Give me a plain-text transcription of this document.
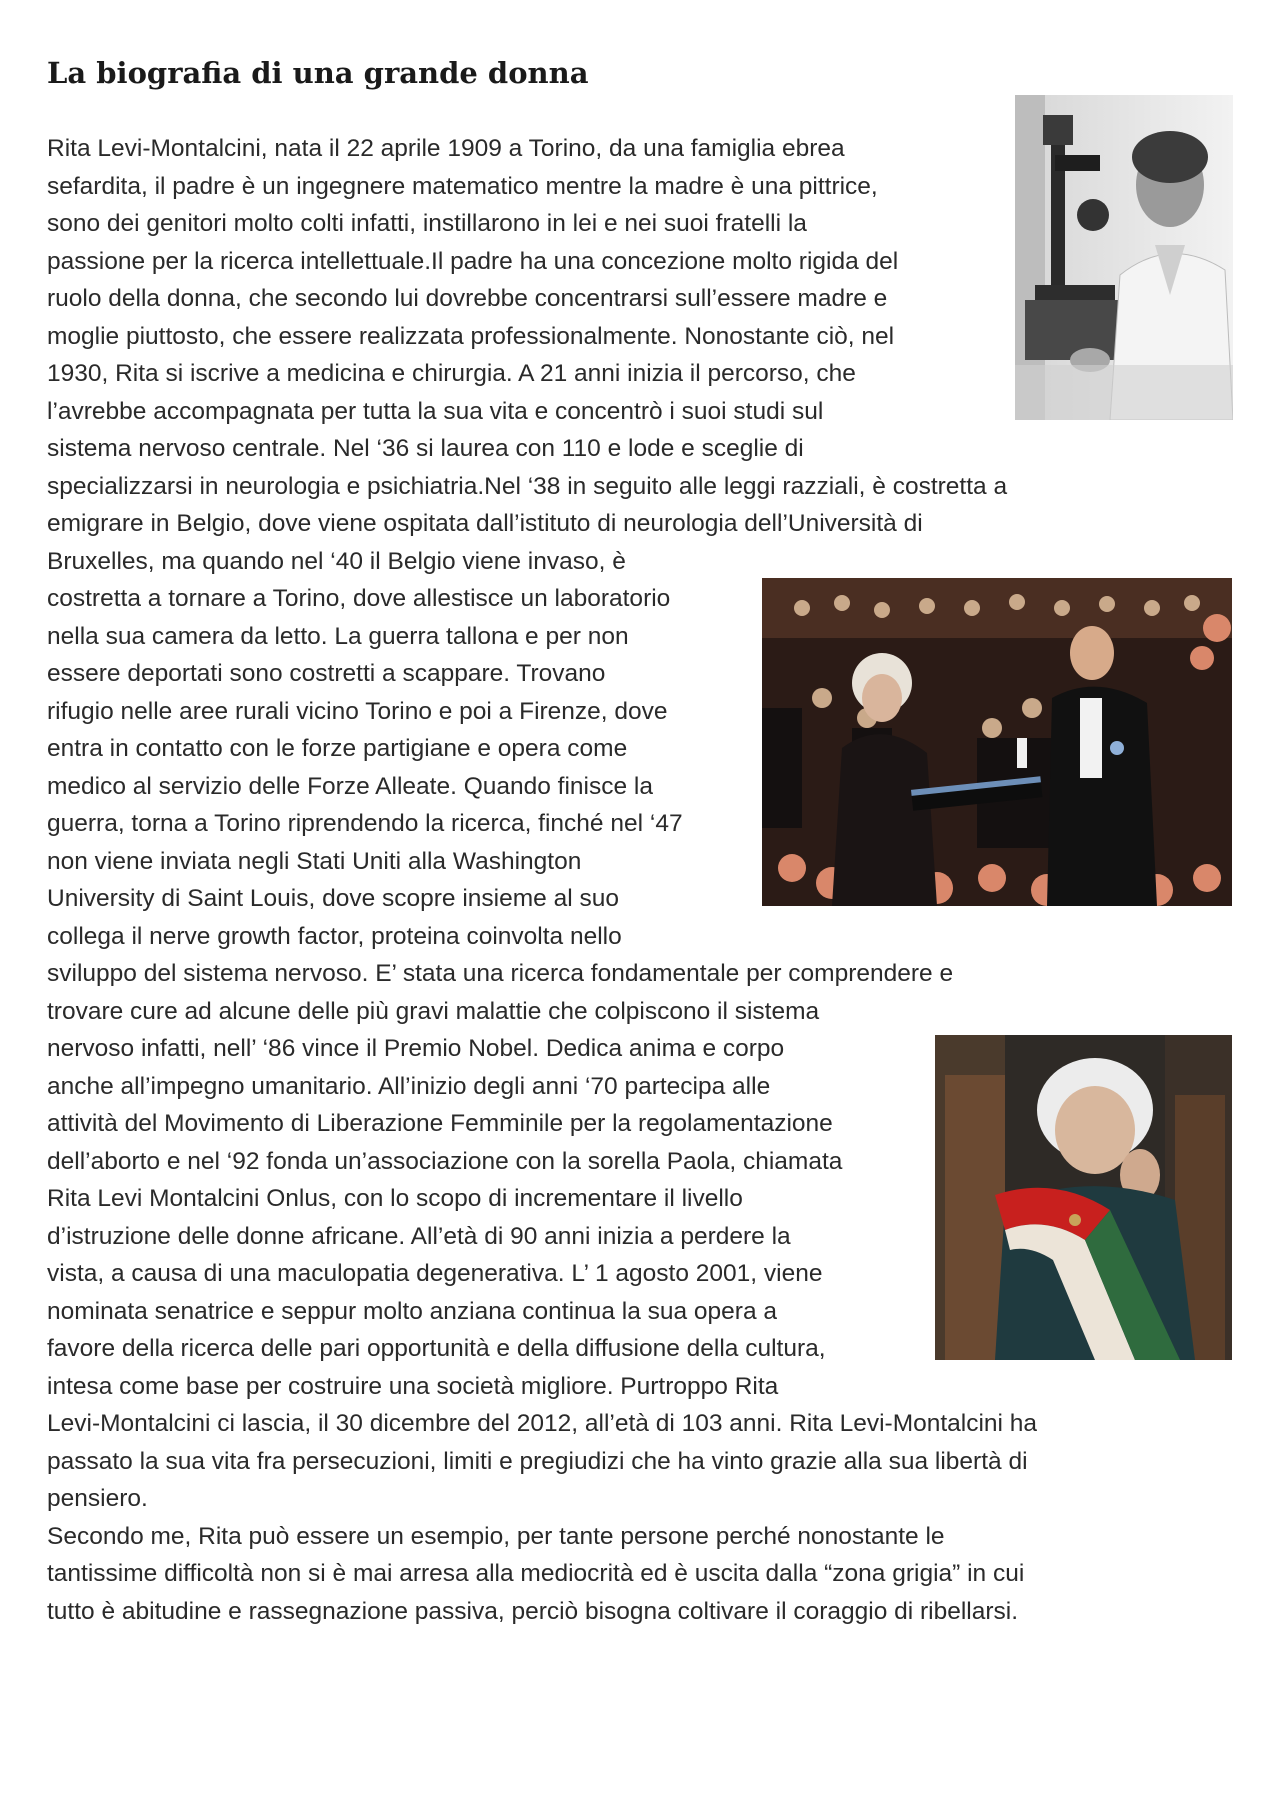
La biografia di una grande donna
Rita Levi-Montalcini, nata il 22 aprile 1909 a Torino, da una famiglia ebrea
sefardita, il padre è un ingegnere matematico mentre la madre è una pittrice,
sono dei genitori molto colti infatti, instillarono in lei e nei suoi fratelli la
passione per la ricerca intellettuale.Il padre ha una concezione molto rigida del
ruolo della donna, che secondo lui dovrebbe concentrarsi sull’essere madre e
moglie piuttosto, che essere realizzata professionalmente. Nonostante ciò, nel
1930, Rita si iscrive a medicina e chirurgia. A 21 anni inizia il percorso, che
l’avrebbe accompagnata per tutta la sua vita e concentrò i suoi studi sul
sistema nervoso centrale. Nel ‘36 si laurea con 110 e lode e sceglie di
specializzarsi in neurologia e psichiatria.Nel ‘38 in seguito alle leggi razziali, è costretta a
emigrare in Belgio, dove viene ospitata dall’istituto di neurologia dell’Università di
Bruxelles, ma quando nel ‘40 il Belgio viene invaso, è
costretta a tornare a Torino, dove allestisce un laboratorio
nella sua camera da letto. La guerra tallona e per non
essere deportati sono costretti a scappare. Trovano
rifugio nelle aree rurali vicino Torino e poi a Firenze, dove
entra in contatto con le forze partigiane e opera come
medico al servizio delle Forze Alleate. Quando finisce la
guerra, torna a Torino riprendendo la ricerca, finché nel ‘47
non viene inviata negli Stati Uniti alla Washington
University di Saint Louis, dove scopre insieme al suo
collega il nerve growth factor, proteina coinvolta nello
sviluppo del sistema nervoso. E’ stata una ricerca fondamentale per comprendere e
trovare cure ad alcune delle più gravi malattie che colpiscono il sistema
nervoso infatti, nell’ ‘86 vince il Premio Nobel. Dedica anima e corpo
anche all’impegno umanitario. All’inizio degli anni ‘70 partecipa alle
attività del Movimento di Liberazione Femminile per la regolamentazione
dell’aborto e nel ‘92 fonda un’associazione con la sorella Paola, chiamata
Rita Levi Montalcini Onlus, con lo scopo di incrementare il livello
d’istruzione delle donne africane. All’età di 90 anni inizia a perdere la
vista, a causa di una maculopatia degenerativa. L’ 1 agosto 2001, viene
nominata senatrice e seppur molto anziana continua la sua opera a
favore della ricerca delle pari opportunità e della diffusione della cultura,
intesa come base per costruire una società migliore. Purtroppo Rita
Levi-Montalcini ci lascia, il 30 dicembre del 2012, all’età di 103 anni. Rita Levi-Montalcini ha
passato la sua vita fra persecuzioni, limiti e pregiudizi che ha vinto grazie alla sua libertà di
pensiero.
Secondo me, Rita può essere un esempio, per tante persone perché nonostante le
tantissime difficoltà non si è mai arresa alla mediocrità ed è uscita dalla “zona grigia” in cui
tutto è abitudine e rassegnazione passiva, perciò bisogna coltivare il coraggio di ribellarsi.
